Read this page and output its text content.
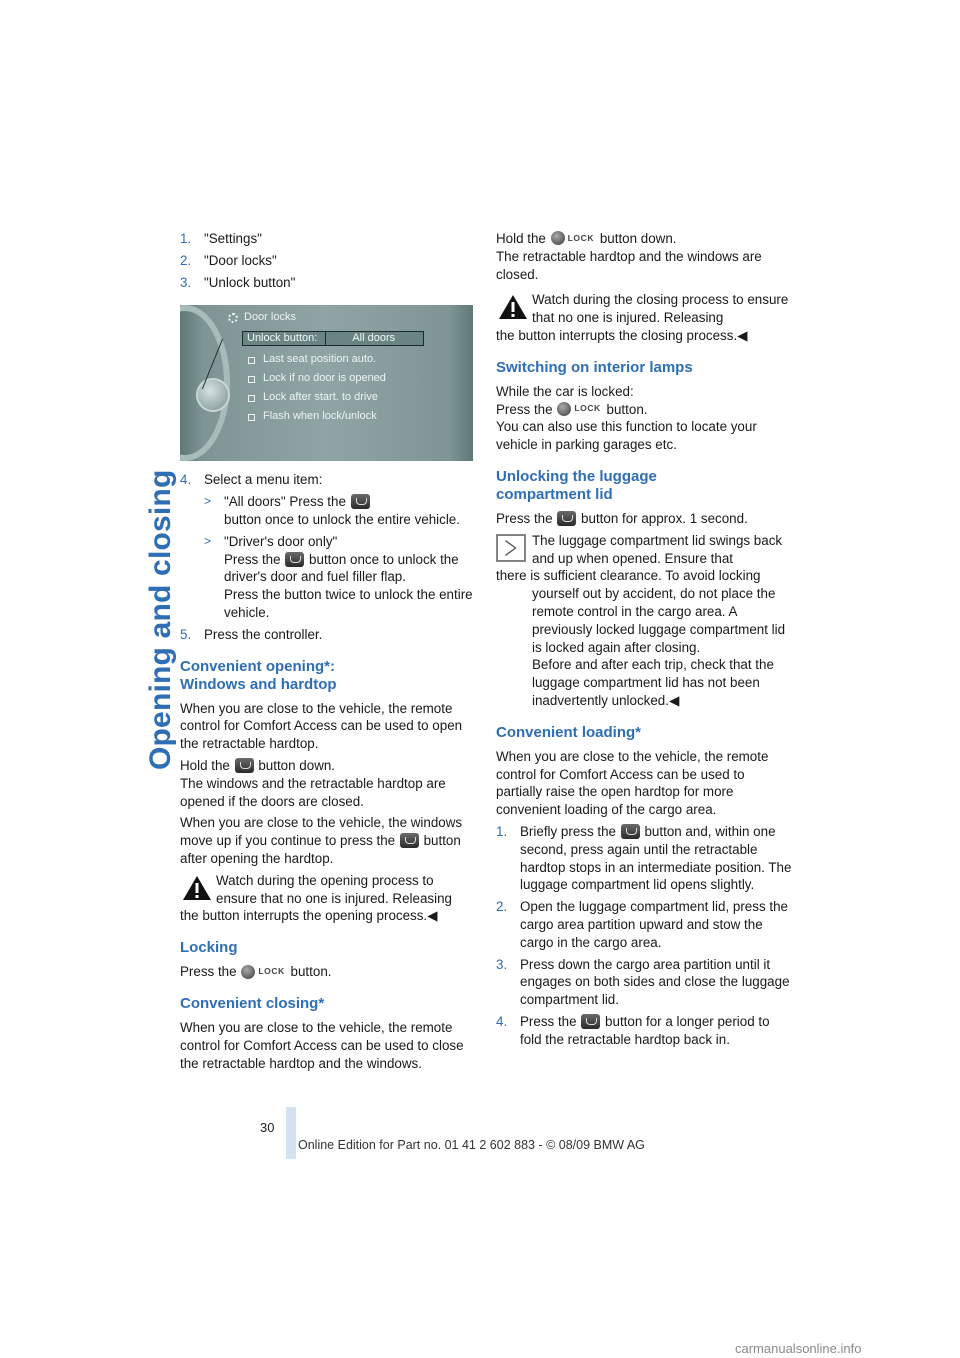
Opening and closing
1. "Settings"
2. "Door locks"
3. "Unlock button"
Door locks
Unlock button:	All doors
Last seat position auto.
Lock if no door is opened
Lock after start. to drive
Flash when lock/unlock
4. Select a menu item:
> "All doors" Press the
button once to unlock the entire vehicle.
> "Driver's door only"
Press the button once to unlock the driver's door and fuel filler flap.
Press the button twice to unlock the entire vehicle.
5. Press the controller.
Convenient opening*:
Windows and hardtop

When you are close to the vehicle, the remote control for Comfort Access can be used to open the retractable hardtop.

Hold the button down.
The windows and the retractable hardtop are opened if the doors are closed.

When you are close to the vehicle, the windows move up if you continue to press the button after opening the hardtop.

Watch during the opening process to ensure that no one is injured. Releasing
the button interrupts the opening process.◀
Locking

Press the	LOCK button.

Convenient closing*

When you are close to the vehicle, the remote control for Comfort Access can be used to close the retractable hardtop and the windows.

Hold the	LOCK button down.
The retractable hardtop and the windows are closed.

Watch during the closing process to ensure that no one is injured. Releasing
the button interrupts the closing process.◀
Switching on interior lamps

While the car is locked:
Press the	LOCK button.
You can also use this function to locate your vehicle in parking garages etc.

Unlocking the luggage
compartment lid

Press the button for approx. 1 second.

The luggage compartment lid swings back and up when opened. Ensure that
there is sufficient clearance. To avoid locking yourself out by accident, do not place the remote control in the cargo area. A previously locked luggage compartment lid is locked again after closing.
Before and after each trip, check that the luggage compartment lid has not been inadvertently unlocked.◀
Convenient loading*

When you are close to the vehicle, the remote control for Comfort Access can be used to partially raise the open hardtop for more convenient loading of the cargo area.

1. Briefly press the button and, within one second, press again until the retractable hardtop stops in an intermediate position. The luggage compartment lid opens slightly.
2. Open the luggage compartment lid, press the cargo area partition upward and stow the cargo in the cargo area.
3. Press down the cargo area partition until it engages on both sides and close the luggage compartment lid.
4. Press the button for a longer period to fold the retractable hardtop back in.
30
Online Edition for Part no. 01 41 2 602 883 - © 08/09 BMW AG
carmanualsonline.info
